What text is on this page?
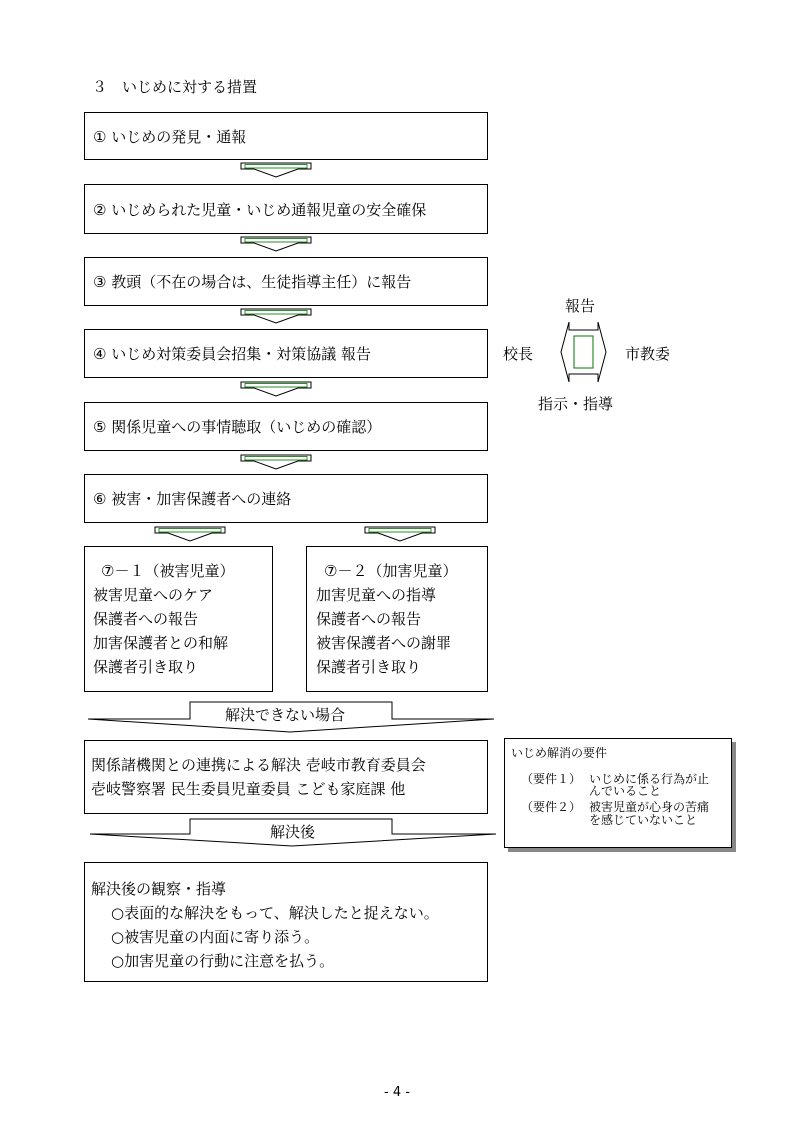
３　いじめに対する措置
① いじめの発見・通報
② いじめられた児童・いじめ通報児童の安全確保
③ 教頭（不在の場合は、生徒指導主任）に報告
④ いじめ対策委員会招集・対策協議 報告
⑤ 関係児童への事情聴取（いじめの確認）
⑥ 被害・加害保護者への連絡
⑦－１（被害児童）
被害児童へのケア
保護者への報告
加害保護者との和解
保護者引き取り
⑦－２（加害児童）
加害児童への指導
保護者への報告
被害保護者への謝罪
保護者引き取り
関係諸機関との連携による解決 壱岐市教育委員会
壱岐警察署 民生委員児童委員 こども家庭課 他
解決後の観察・指導
○表面的な解決をもって、解決したと捉えない。
○被害児童の内面に寄り添う。
○加害児童の行動に注意を払う。
解決できない場合
解決後
報告
校長	市教委
指示・指導
いじめ解消の要件
（要件１） いじめに係る行為が止
んでいること
（要件２） 被害児童が心身の苦痛
を感じていないこと
- 4 -
